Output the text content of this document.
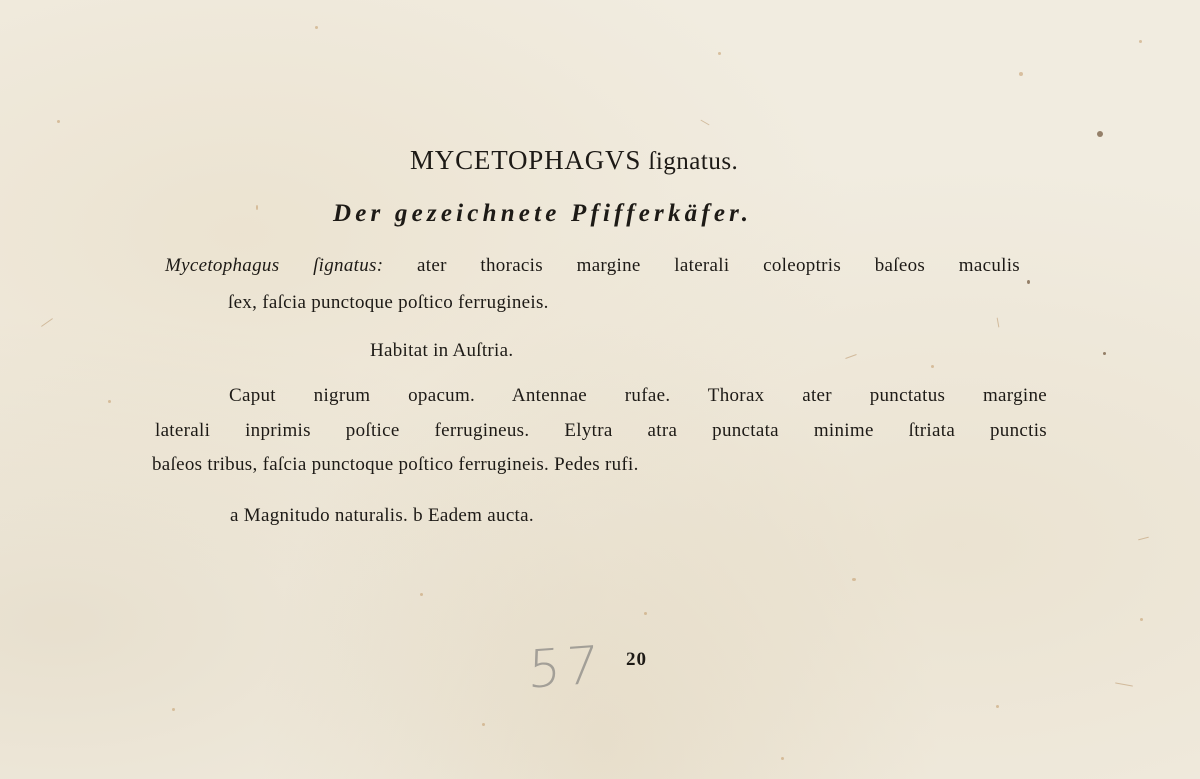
MYCETOPHAGVS ſignatus.
Der gezeichnete Pfifferkäfer.
Mycetophagus ſignatus: ater thoracis margine laterali coleoptris baſeos maculis
ſex, faſcia punctoque poſtico ferrugineis.
Habitat in Auſtria.
Caput nigrum opacum. Antennae rufae. Thorax ater punctatus margine
laterali inprimis poſtice ferrugineus. Elytra atra punctata minime ſtriata punctis
baſeos tribus, faſcia punctoque poſtico ferrugineis. Pedes rufi.
a Magnitudo naturalis. b Eadem aucta.
57 20
